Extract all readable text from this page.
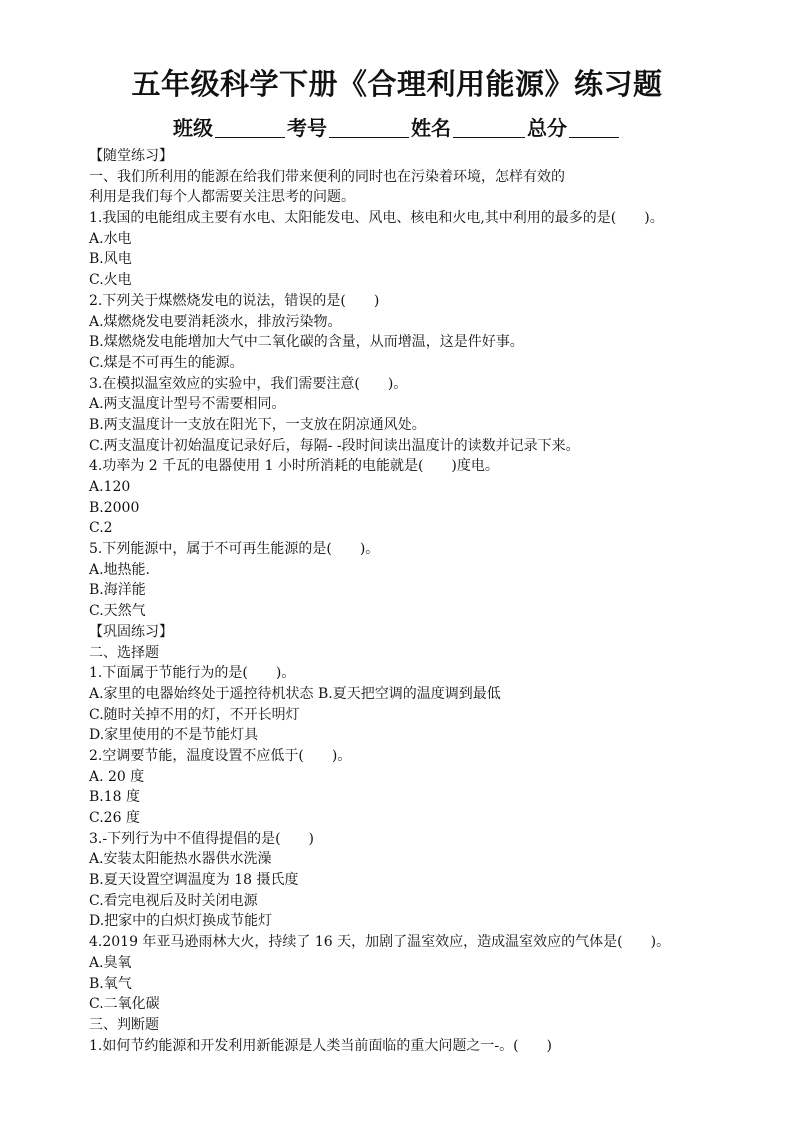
五年级科学下册《合理利用能源》练习题
班级	考号	姓名	总分
【随堂练习】
一、我们所利用的能源在给我们带来便利的同时也在污染着环境，怎样有效的
利用是我们每个人都需要关注思考的问题。
1.我国的电能组成主要有水电、太阳能发电、风电、核电和火电,其中利用的最多的是(　　)。
A.水电
B.风电
C.火电
2.下列关于煤燃烧发电的说法，错误的是(　　)
A.煤燃烧发电要消耗淡水，排放污染物。
B.煤燃烧发电能增加大气中二氧化碳的含量，从而增温，这是件好事。
C.煤是不可再生的能源。
3.在模拟温室效应的实验中，我们需要注意(　　)。
A.两支温度计型号不需要相同。
B.两支温度计一支放在阳光下，一支放在阴凉通风处。
C.两支温度计初始温度记录好后，每隔- -段时间读出温度计的读数并记录下来。
4.功率为 2 千瓦的电器使用 1 小时所消耗的电能就是(　　)度电。
A.120
B.2000
C.2
5.下列能源中，属于不可再生能源的是(　　)。
A.地热能.
B.海洋能
C.天然气
【巩固练习】
二、选择题
1.下面属于节能行为的是(　　)。
A.家里的电器始终处于遥控待机状态 B.夏天把空调的温度调到最低
C.随时关掉不用的灯，不开长明灯
D.家里使用的不是节能灯具
2.空调要节能，温度设置不应低于(　　)。
A. 20 度
B.18 度
C.26 度
3.-下列行为中不值得提倡的是(　　)
A.安装太阳能热水器供水洗澡
B.夏天设置空调温度为 18 摄氏度
C.看完电视后及时关闭电源
D.把家中的白炽灯换成节能灯
4.2019 年亚马逊雨林大火，持续了 16 天，加剧了温室效应，造成温室效应的气体是(　　)。
A.臭氧
B.氧气
C.二氧化碳
三、判断题
1.如何节约能源和开发利用新能源是人类当前面临的重大问题之一-。(　　)
